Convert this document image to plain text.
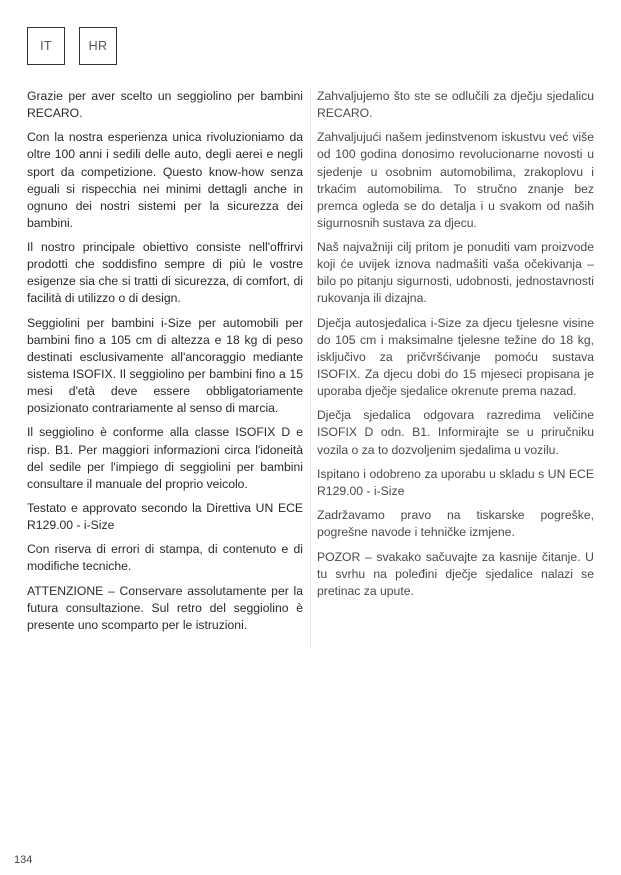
IT	HR

Grazie per aver scelto un seggiolino per bambini RECARO.

Con la nostra esperienza unica rivoluzioniamo da oltre 100 anni i sedili delle auto, degli aerei e negli sport da competizione. Questo know-how senza eguali si rispecchia nei minimi dettagli anche in ognuno dei nostri sistemi per la sicurezza dei bambini.

Il nostro principale obiettivo consiste nell'offrirvi prodotti che soddisfino sempre di più le vostre esigenze sia che si tratti di sicurezza, di comfort, di facilità di utilizzo o di design.

Seggiolini per bambini i-Size per automobili per bambini fino a 105 cm di altezza e 18 kg di peso destinati esclusivamente all'ancoraggio mediante sistema ISOFIX. Il seggiolino per bambini fino a 15 mesi d'età deve essere obbligatoriamente posizionato contrariamente al senso di marcia.

Il seggiolino è conforme alla classe ISOFIX D e risp. B1. Per maggiori informazioni circa l'idoneità del sedile per l'impiego di seggiolini per bambini consultare il manuale del proprio veicolo.

Testato e approvato secondo la Direttiva UN ECE R129.00 - i-Size

Con riserva di errori di stampa, di contenuto e di modifiche tecniche.

ATTENZIONE – Conservare assolutamente per la futura consultazione. Sul retro del seggiolino è presente uno scomparto per le istruzioni.

Zahvaljujemo što ste se odlučili za dječju sjedalicu RECARO.

Zahvaljujući našem jedinstvenom iskustvu već više od 100 godina donosimo revolucionarne novosti u sjedenje u osobnim automobilima, zrakoplovu i trkaćim automobilima. To stručno znanje bez premca ogleda se do detalja i u svakom od naših sigurnosnih sustava za djecu.

Naš najvažniji cilj pritom je ponuditi vam proizvode koji će uvijek iznova nadmašiti vaša očekivanja – bilo po pitanju sigurnosti, udobnosti, jednostavnosti rukovanja ili dizajna.

Dječja autosjedalica i-Size za djecu tjelesne visine do 105 cm i maksimalne tjelesne težine do 18 kg, isključivo za pričvršćivanje pomoću sustava ISOFIX. Za djecu dobi do 15 mjeseci propisana je uporaba dječje sjedalice okrenute prema nazad.

Dječja sjedalica odgovara razredima veličine ISOFIX D odn. B1. Informirajte se u priručniku vozila o za to dozvoljenim sjedalima u vozilu.

Ispitano i odobreno za uporabu u skladu s UN ECE R129.00 - i-Size

Zadržavamo pravo na tiskarske pogreške, pogrešne navode i tehničke izmjene.

POZOR – svakako sačuvajte za kasnije čitanje. U tu svrhu na poleđini dječje sjedalice nalazi se pretinac za upute.

134
